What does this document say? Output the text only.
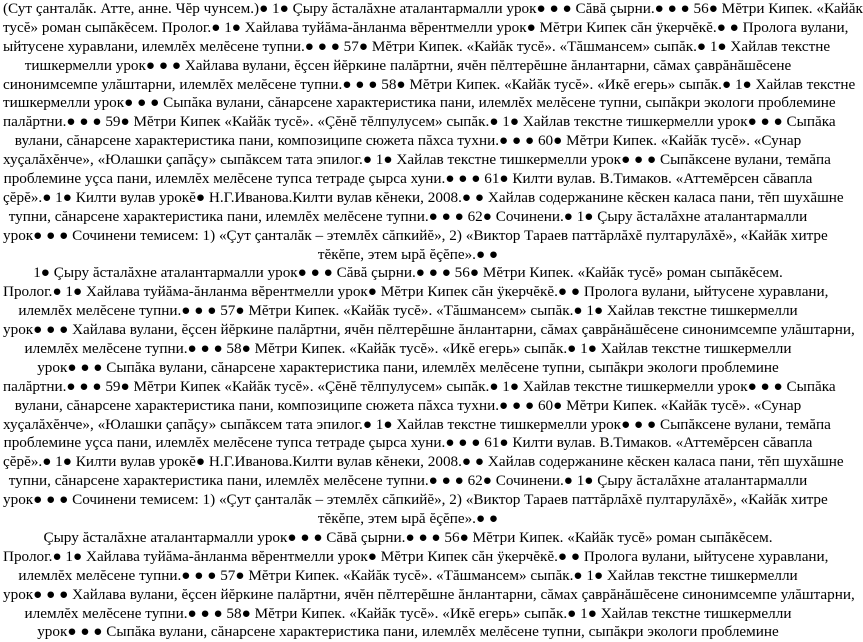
(Сут çанталăк. Атте, анне. Чĕр чунсем.)● 1● Çыру ăсталăхне аталантармалли урок● ● ● Сăвă çырни.● ● ● 56● Мĕтри Кипек. «Кайăк
тусĕ» роман сыпăкĕсем. Пролог.● 1● Хайлава туйăма-ăнланма вĕрентмелли урок● Мĕтри Кипек сăн ÿкерчĕкĕ.● ● Пролога вулани,
ыйтусене хуравлани, илемлĕх мелĕсене тупни.● ● ● 57● Мĕтри Кипек. «Кайăк тусĕ». «Тăшмансем» сыпăк.● 1● Хайлав текстне
тишкермелли урок● ● ● Хайлава вулани, ĕçсен йĕркине палăртни, ячĕн пĕлтерĕшне ăнлантарни, сăмах çаврăнăшĕсене
синонимсемпе улăштарни, илемлĕх мелĕсене тупни.● ● ● 58● Мĕтри Кипек. «Кайăк тусĕ». «Икĕ егерь» сыпăк.● 1● Хайлав текстне
тишкермелли урок● ● ● Сыпăка вулани, сăнарсене характеристика пани, илемлĕх мелĕсене тупни, сыпăкри экологи проблемине
палăртни.● ● ● 59● Мĕтри Кипек «Кайăк тусĕ». «Çĕнĕ тĕлпулусем» сыпăк.● 1● Хайлав текстне тишкермелли урок● ● ● Сыпăка
вулани, сăнарсене характеристика пани, композиципе сюжета пăхса тухни.● ● ● 60● Мĕтри Кипек. «Кайăк тусĕ». «Сунар
хуçалăхĕнче», «Юлашки çапăçу» сыпăксем тата эпилог.● 1● Хайлав текстне тишкермелли урок● ● ● Сыпăксене вулани, темăпа
проблемине уçса пани, илемлĕх мелĕсене тупса тетраде çырса хуни.● ● ● 61● Килти вулав. В.Тимаков. «Аттемĕрсен сăвапла
çĕрĕ».● 1● Килти вулав урокĕ● Н.Г.Иванова.Килти вулав кĕнеки, 2008.● ● Хайлав содержанине кĕскен каласа пани, тĕп шухăшне
тупни, сăнарсене характеристика пани, илемлĕх мелĕсене тупни.● ● ● 62● Сочинени.● 1● Çыру ăсталăхне аталантармалли
урок● ● ● Сочинени темисем: 1) «Çут çанталăк – этемлĕх сăпкийĕ», 2) «Виктор Тараев паттăрлăхĕ пултарулăхĕ», «Кайăк хитре
тĕкĕпе, этем ырă ĕçĕпе».● ●
1● Çыру ăсталăхне аталантармалли урок● ● ● Сăвă çырни.● ● ● 56● Мĕтри Кипек. «Кайăк тусĕ» роман сыпăкĕсем.
Пролог.● 1● Хайлава туйăма-ăнланма вĕрентмелли урок● Мĕтри Кипек сăн ÿкерчĕкĕ.● ● Пролога вулани, ыйтусене хуравлани,
илемлĕх мелĕсене тупни.● ● ● 57● Мĕтри Кипек. «Кайăк тусĕ». «Тăшмансем» сыпăк.● 1● Хайлав текстне тишкермелли
урок● ● ● Хайлава вулани, ĕçсен йĕркине палăртни, ячĕн пĕлтерĕшне ăнлантарни, сăмах çаврăнăшĕсене синонимсемпе улăштарни,
илемлĕх мелĕсене тупни.● ● ● 58● Мĕтри Кипек. «Кайăк тусĕ». «Икĕ егерь» сыпăк.● 1● Хайлав текстне тишкермелли
урок● ● ● Сыпăка вулани, сăнарсене характеристика пани, илемлĕх мелĕсене тупни, сыпăкри экологи проблемине
палăртни.● ● ● 59● Мĕтри Кипек «Кайăк тусĕ». «Çĕнĕ тĕлпулусем» сыпăк.● 1● Хайлав текстне тишкермелли урок● ● ● Сыпăка
вулани, сăнарсене характеристика пани, композиципе сюжета пăхса тухни.● ● ● 60● Мĕтри Кипек. «Кайăк тусĕ». «Сунар
хуçалăхĕнче», «Юлашки çапăçу» сыпăксем тата эпилог.● 1● Хайлав текстне тишкермелли урок● ● ● Сыпăксене вулани, темăпа
проблемине уçса пани, илемлĕх мелĕсене тупса тетраде çырса хуни.● ● ● 61● Килти вулав. В.Тимаков. «Аттемĕрсен сăвапла
çĕрĕ».● 1● Килти вулав урокĕ● Н.Г.Иванова.Килти вулав кĕнеки, 2008.● ● Хайлав содержанине кĕскен каласа пани, тĕп шухăшне
тупни, сăнарсене характеристика пани, илемлĕх мелĕсене тупни.● ● ● 62● Сочинени.● 1● Çыру ăсталăхне аталантармалли
урок● ● ● Сочинени темисем: 1) «Çут çанталăк – этемлĕх сăпкийĕ», 2) «Виктор Тараев паттăрлăхĕ пултарулăхĕ», «Кайăк хитре
тĕкĕпе, этем ырă ĕçĕпе».● ●
Çыру ăсталăхне аталантармалли урок● ● ● Сăвă çырни.● ● ● 56● Мĕтри Кипек. «Кайăк тусĕ» роман сыпăкĕсем.
Пролог.● 1● Хайлава туйăма-ăнланма вĕрентмелли урок● Мĕтри Кипек сăн ÿкерчĕкĕ.● ● Пролога вулани, ыйтусене хуравлани,
илемлĕх мелĕсене тупни.● ● ● 57● Мĕтри Кипек. «Кайăк тусĕ». «Тăшмансем» сыпăк.● 1● Хайлав текстне тишкермелли
урок● ● ● Хайлава вулани, ĕçсен йĕркине палăртни, ячĕн пĕлтерĕшне ăнлантарни, сăмах çаврăнăшĕсене синонимсемпе улăштарни,
илемлĕх мелĕсене тупни.● ● ● 58● Мĕтри Кипек. «Кайăк тусĕ». «Икĕ егерь» сыпăк.● 1● Хайлав текстне тишкермелли
урок● ● ● Сыпăка вулани, сăнарсене характеристика пани, илемлĕх мелĕсене тупни, сыпăкри экологи проблемине
